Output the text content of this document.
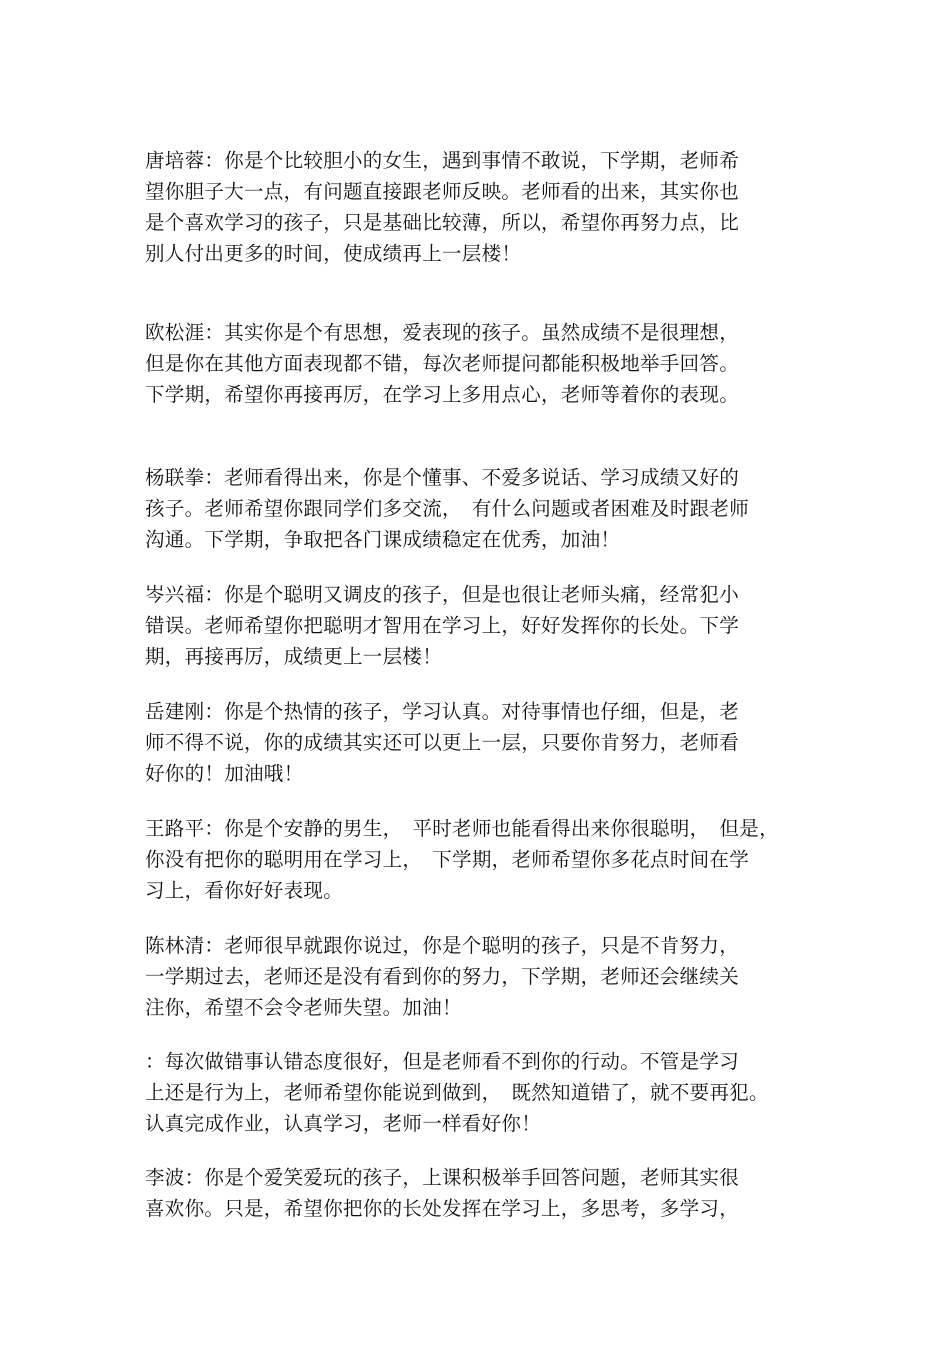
唐培蓉：你是个比较胆小的女生，遇到事情不敢说，下学期，老师希
望你胆子大一点，有问题直接跟老师反映。老师看的出来，其实你也
是个喜欢学习的孩子，只是基础比较薄，所以，希望你再努力点，比
别人付出更多的时间，使成绩再上一层楼！
欧松涯：其实你是个有思想，爱表现的孩子。虽然成绩不是很理想，
但是你在其他方面表现都不错，每次老师提问都能积极地举手回答。
下学期，希望你再接再厉，在学习上多用点心，老师等着你的表现。
杨联拳：老师看得出来，你是个懂事、不爱多说话、学习成绩又好的
孩子。老师希望你跟同学们多交流，　有什么问题或者困难及时跟老师
沟通。下学期，争取把各门课成绩稳定在优秀，加油！
岑兴福：你是个聪明又调皮的孩子，但是也很让老师头痛，经常犯小
错误。老师希望你把聪明才智用在学习上，好好发挥你的长处。下学
期，再接再厉，成绩更上一层楼！
岳建刚：你是个热情的孩子，学习认真。对待事情也仔细，但是，老
师不得不说，你的成绩其实还可以更上一层，只要你肯努力，老师看
好你的！加油哦！
王路平：你是个安静的男生，　平时老师也能看得出来你很聪明，　但是，
你没有把你的聪明用在学习上，　下学期，老师希望你多花点时间在学
习上，看你好好表现。
陈林清：老师很早就跟你说过，你是个聪明的孩子，只是不肯努力，
一学期过去，老师还是没有看到你的努力，下学期，老师还会继续关
注你，希望不会令老师失望。加油！
：每次做错事认错态度很好，但是老师看不到你的行动。不管是学习
上还是行为上，老师希望你能说到做到，　既然知道错了，就不要再犯。
认真完成作业，认真学习，老师一样看好你！
李波：你是个爱笑爱玩的孩子，上课积极举手回答问题，老师其实很
喜欢你。只是，希望你把你的长处发挥在学习上，多思考，多学习，
